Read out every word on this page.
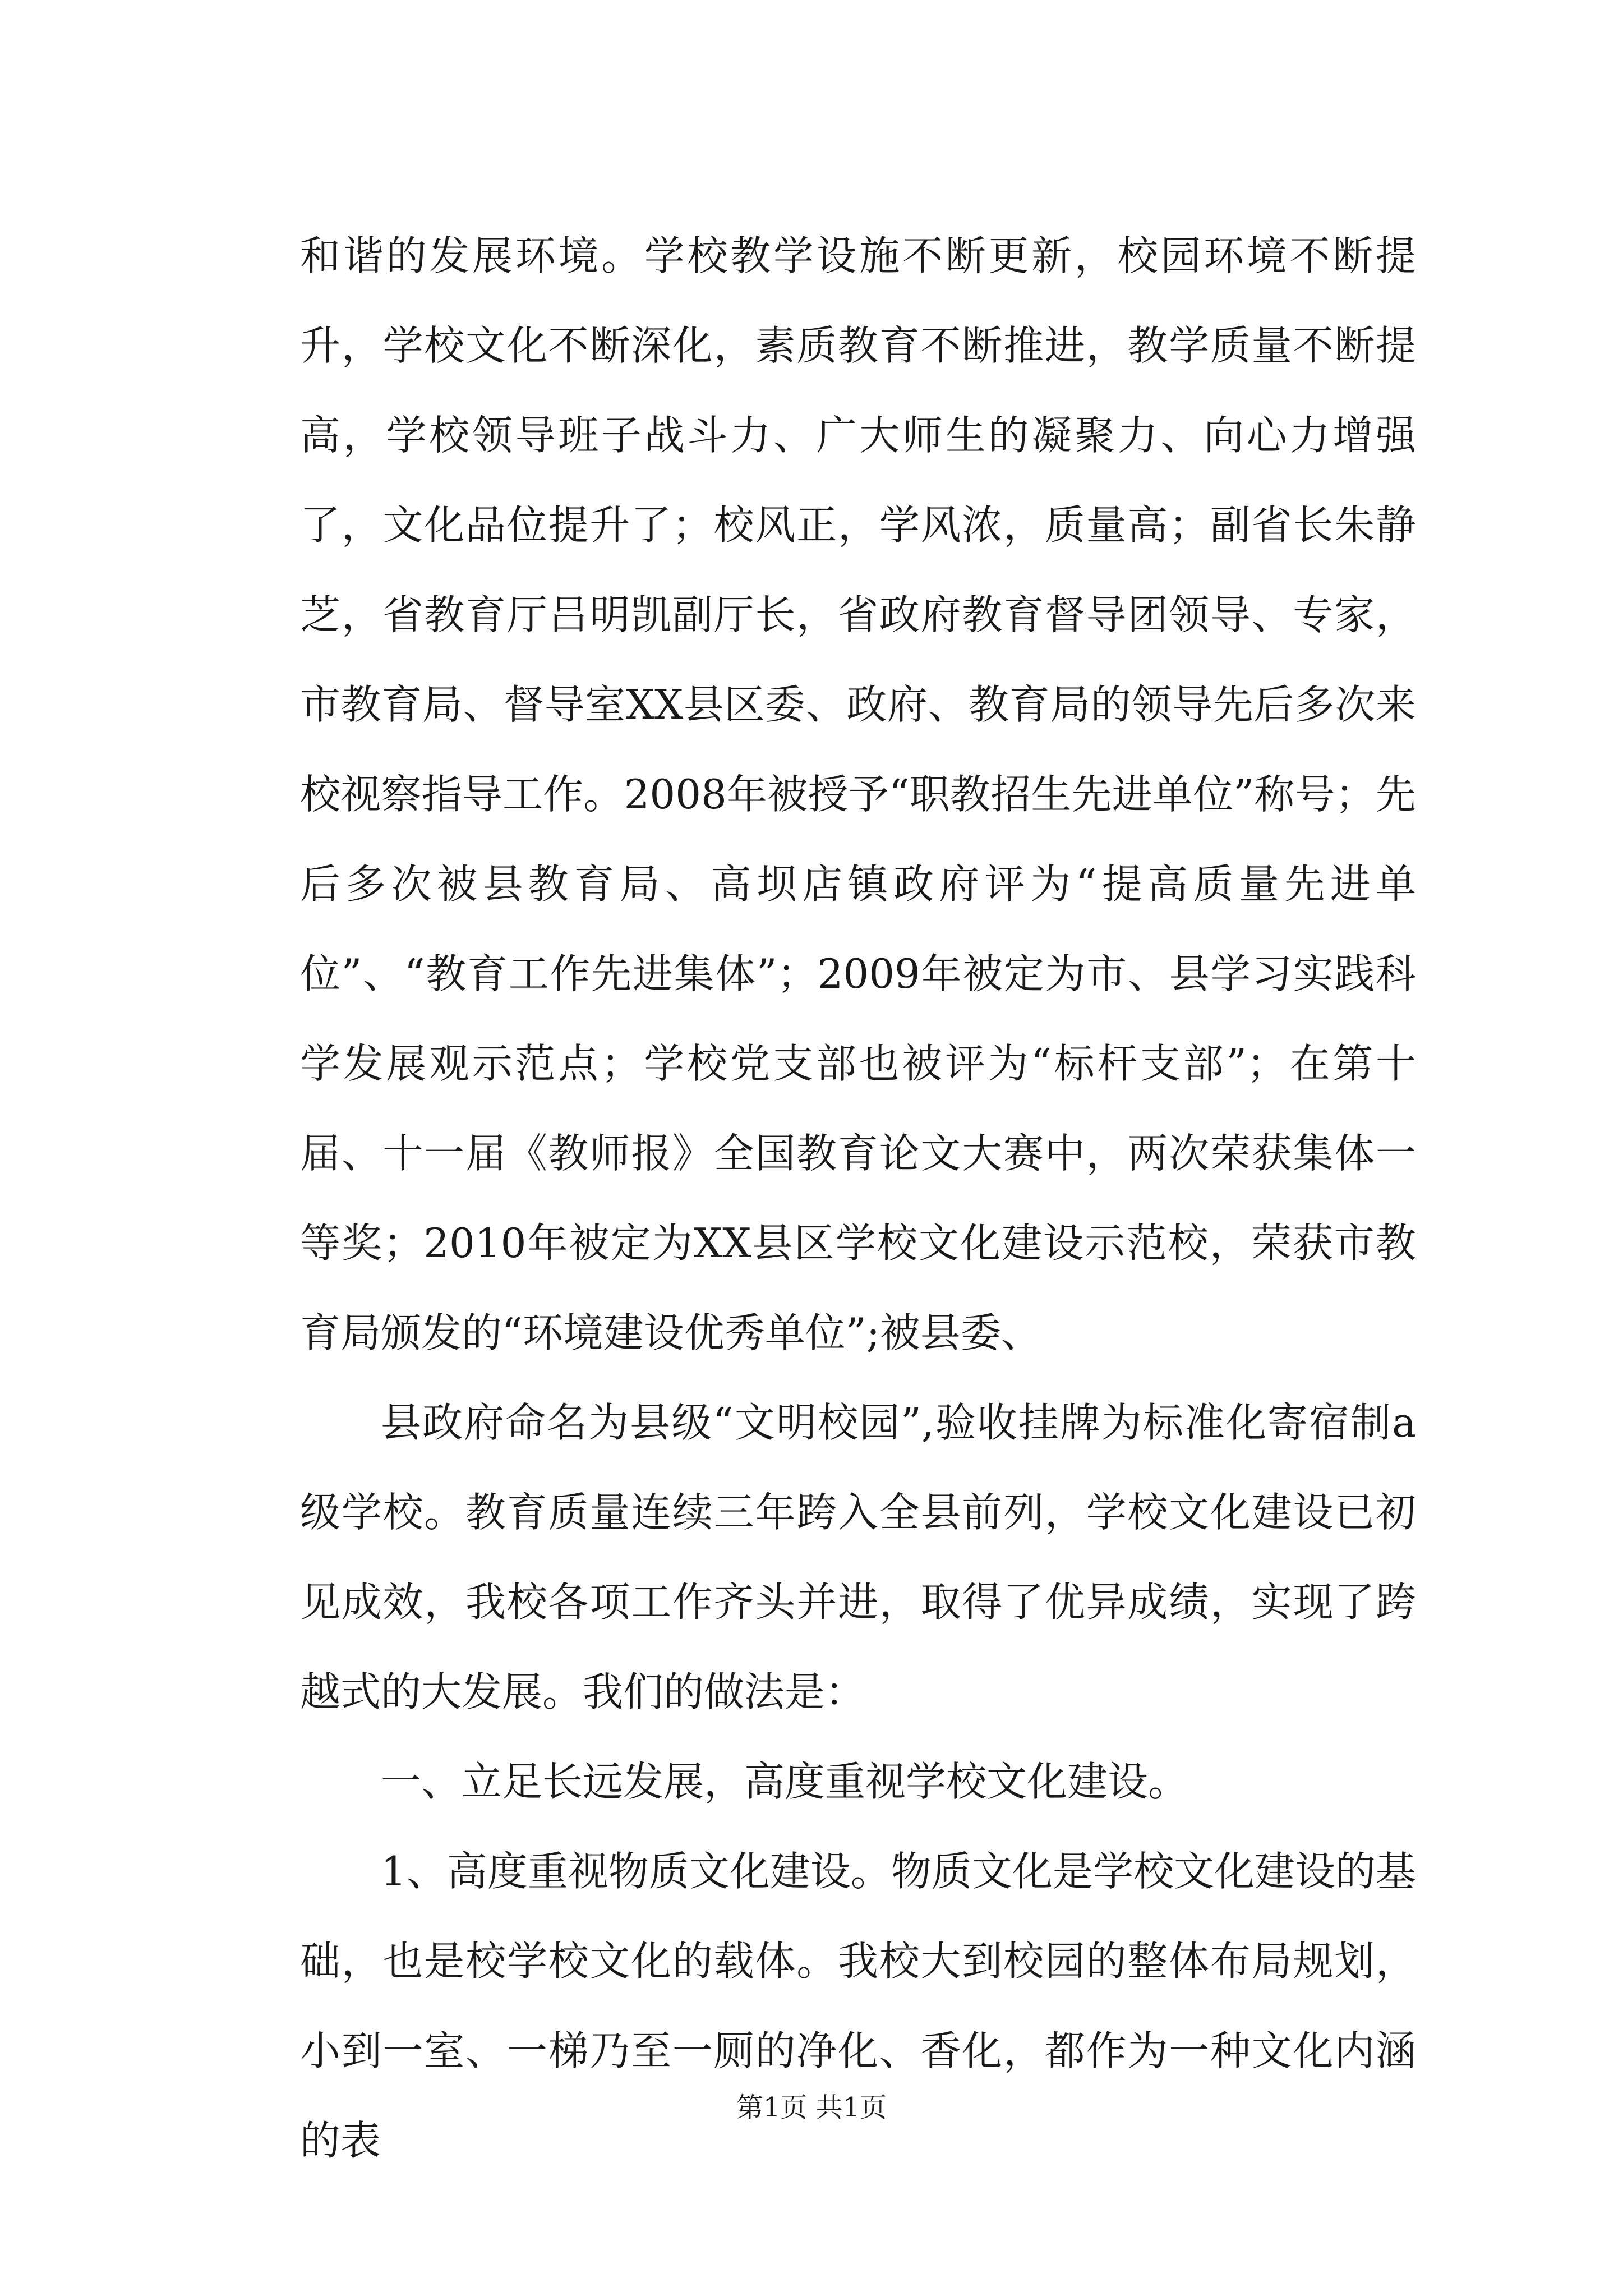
和谐的发展环境。学校教学设施不断更新，校园环境不断提升，学校文化不断深化，素质教育不断推进，教学质量不断提高，学校领导班子战斗力、广大师生的凝聚力、向心力增强了，文化品位提升了；校风正，学风浓，质量高；副省长朱静芝，省教育厅吕明凯副厅长，省政府教育督导团领导、专家，市教育局、督导室XX县区委、政府、教育局的领导先后多次来校视察指导工作。2008年被授予“职教招生先进单位”称号；先后多次被县教育局、高坝店镇政府评为“提高质量先进单位”、“教育工作先进集体”；2009年被定为市、县学习实践科学发展观示范点；学校党支部也被评为“标杆支部”；在第十届、十一届《教师报》全国教育论文大赛中，两次荣获集体一等奖；2010年被定为XX县区学校文化建设示范校，荣获市教育局颁发的“环境建设优秀单位”;被县委、

县政府命名为县级“文明校园”,验收挂牌为标准化寄宿制a级学校。教育质量连续三年跨入全县前列，学校文化建设已初见成效，我校各项工作齐头并进，取得了优异成绩，实现了跨越式的大发展。我们的做法是：

一、立足长远发展，高度重视学校文化建设。

1、高度重视物质文化建设。物质文化是学校文化建设的基础，也是校学校文化的载体。我校大到校园的整体布局规划，小到一室、一梯乃至一厕的净化、香化，都作为一种文化内涵的表

第1页 共1页
